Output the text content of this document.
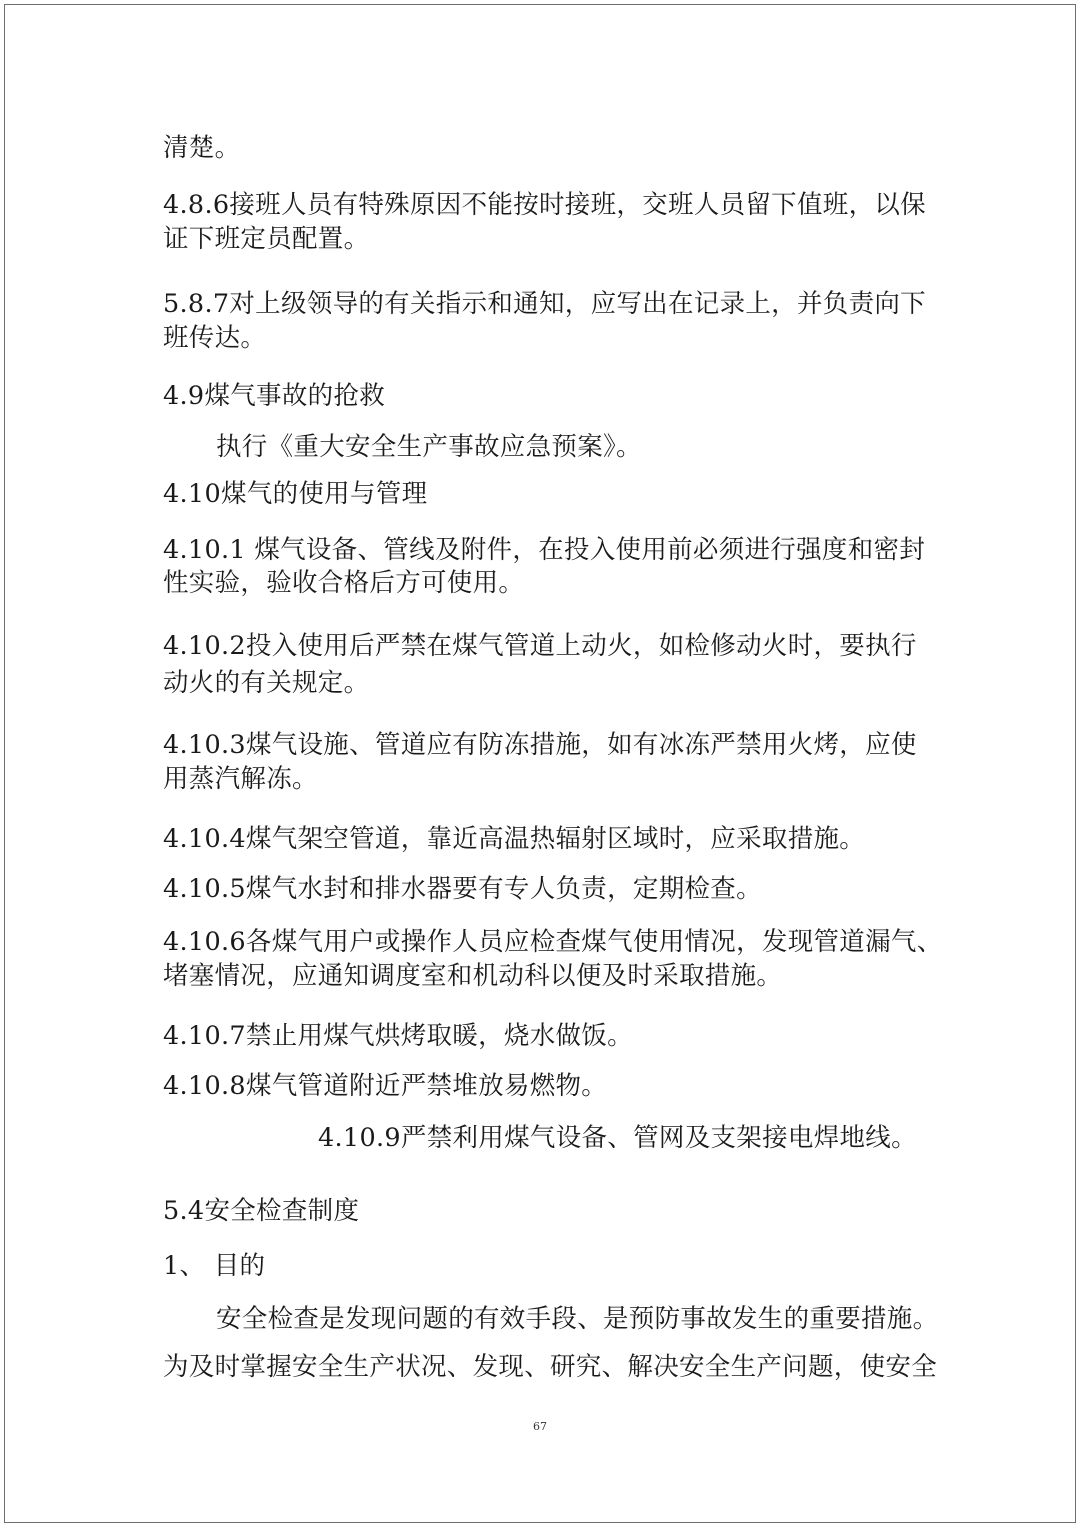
清楚。
4.8.6接班人员有特殊原因不能按时接班，交班人员留下值班，以保
证下班定员配置。
5.8.7对上级领导的有关指示和通知，应写出在记录上，并负责向下
班传达。
4.9煤气事故的抢救
执行《重大安全生产事故应急预案》。
4.10煤气的使用与管理
4.10.1 煤气设备、管线及附件，在投入使用前必须进行强度和密封
性实验，验收合格后方可使用。
4.10.2投入使用后严禁在煤气管道上动火，如检修动火时，要执行
动火的有关规定。
4.10.3煤气设施、管道应有防冻措施，如有冰冻严禁用火烤，应使
用蒸汽解冻。
4.10.4煤气架空管道，靠近高温热辐射区域时，应采取措施。
4.10.5煤气水封和排水器要有专人负责，定期检查。
4.10.6各煤气用户或操作人员应检查煤气使用情况，发现管道漏气、
堵塞情况，应通知调度室和机动科以便及时采取措施。
4.10.7禁止用煤气烘烤取暖，烧水做饭。
4.10.8煤气管道附近严禁堆放易燃物。
4.10.9严禁利用煤气设备、管网及支架接电焊地线。
5.4安全检查制度
1、 目的
安全检查是发现问题的有效手段、是预防事故发生的重要措施。
为及时掌握安全生产状况、发现、研究、解决安全生产问题，使安全
67
